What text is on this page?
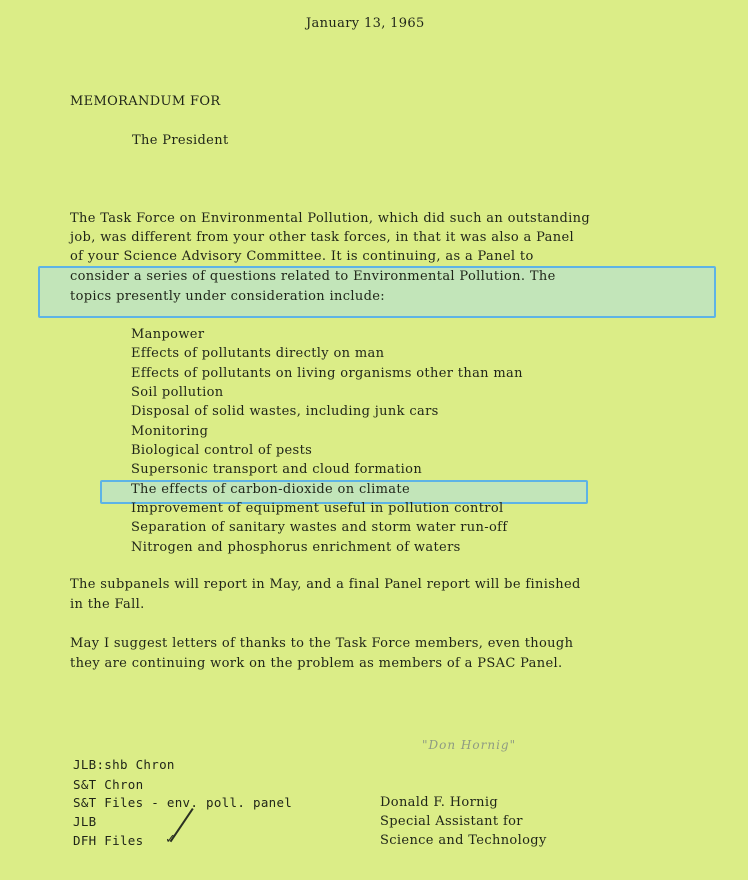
January 13, 1965
MEMORANDUM FOR
The President
The Task Force on Environmental Pollution, which did such an outstanding
job, was different from your other task forces, in that it was also a Panel
of your Science Advisory Committee. It is continuing, as a Panel to
consider a series of questions related to Environmental Pollution. The
topics presently under consideration include:
Manpower
Effects of pollutants directly on man
Effects of pollutants on living organisms other than man
Soil pollution
Disposal of solid wastes, including junk cars
Monitoring
Biological control of pests
Supersonic transport and cloud formation
The effects of carbon-dioxide on climate
Improvement of equipment useful in pollution control
Separation of sanitary wastes and storm water run-off
Nitrogen and phosphorus enrichment of waters
The subpanels will report in May, and a final Panel report will be finished
in the Fall.
May I suggest letters of thanks to the Task Force members, even though
they are continuing work on the problem as members of a PSAC Panel.
"Don Hornig"
JLB:shb Chron
S&T Chron
S&T Files - env. poll. panel
JLB
DFH Files ✓
Donald F. Hornig
Special Assistant for
Science and Technology
